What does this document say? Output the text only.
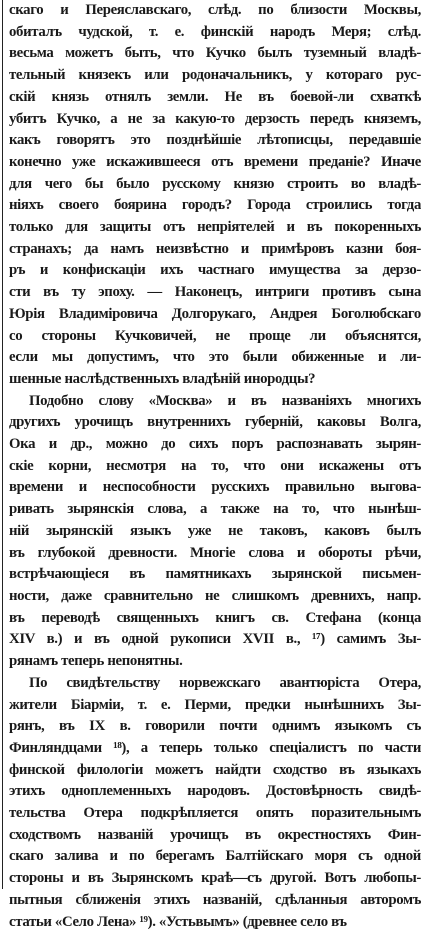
скаго и Переяславскаго, слѣд. по близости Москвы,
обиталъ чудской, т. е. финскій народъ Меря; слѣд.
весьма можетъ быть, что Кучко былъ туземный владѣ-
тельный князекъ или родоначальникъ, у котораго рус-
скій князь отнялъ земли. Не въ боевой-ли схваткѣ
убитъ Кучко, а не за какую-то дерзость передъ княземъ,
какъ говорятъ это позднѣйшіе лѣтописцы, передавшіе
конечно уже искажившееся отъ времени преданіе? Иначе
для чего бы было русскому князю строить во владѣ-
ніяхъ своего боярина городъ? Города строились тогда
только для защиты отъ непріятелей и въ покоренныхъ
странахъ; да намъ неизвѣстно и примѣровъ казни боя-
ръ и конфискаціи ихъ частнаго имущества за дерзо-
сти въ ту эпоху. — Наконецъ, интриги противъ сына
Юрія Владиміровича Долгорукаго, Андрея Боголюбскаго
со стороны Кучковичей, не проще ли объяснятся,
если мы допустимъ, что это были обиженные и ли-
шенные наслѣдственныхъ владѣній инородцы?
Подобно слову «Москва» и въ названіяхъ многихъ
другихъ урочищъ внутреннихъ губерній, каковы Волга,
Ока и др., можно до сихъ поръ распознавать зырян-
скіе корни, несмотря на то, что они искажены отъ
времени и неспособности русскихъ правильно выгова-
ривать зырянскія слова, а также на то, что нынѣш-
ній зырянскій языкъ уже не таковъ, каковъ былъ
въ глубокой древности. Многіе слова и обороты рѣчи,
встрѣчающіеся въ памятникахъ зырянской письмен-
ности, даже сравнительно не слишкомъ древнихъ, напр.
въ переводѣ священныхъ книгъ св. Стефана (конца
XIV в.) и въ одной рукописи XVII в., ¹⁷) самимъ Зы-
рянамъ теперь непонятны.
По свидѣтельству норвежскаго авантюріста Отера,
жители Біарміи, т. е. Перми, предки нынѣшнихъ Зы-
рянъ, въ IX в. говорили почти однимъ языкомъ съ
Финляндцами ¹⁸), а теперь только спеціалистъ по части
финской филологіи можетъ найдти сходство въ языкахъ
этихъ одноплеменныхъ народовъ. Достовѣрность свидѣ-
тельства Отера подкрѣпляется опять поразительнымъ
сходствомъ названій урочищъ въ окрестностяхъ Фин-
скаго залива и по берегамъ Балтійскаго моря съ одной
стороны и въ Зырянскомъ краѣ—съ другой. Вотъ любопы-
пытныя сближенія этихъ названій, сдѣланныя авторомъ
статьи «Село Лена» ¹⁹). «Устьвымъ» (древнее село въ
